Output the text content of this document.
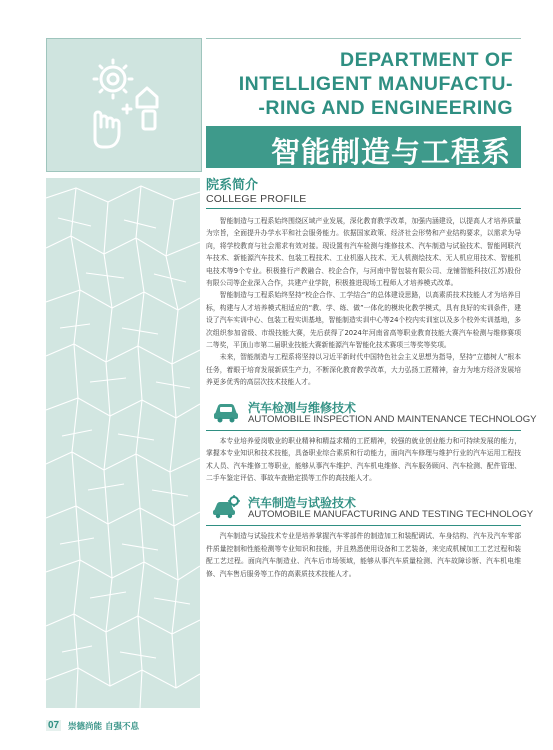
DEPARTMENT OF
INTELLIGENT MANUFACTU-
-RING AND ENGINEERING
智能制造与工程系
院系简介
COLLEGE PROFILE

智能制造与工程系始终围绕区域产业发展，深化教育教学改革，加强内涵建设，以提高人才培养质量为宗旨，全面提升办学水平和社会服务能力。依据国家政策、经济社会形势和产业结构要求，以需求为导向，将学校教育与社会需求有效对接。现设置有汽车检测与维修技术、汽车制造与试验技术、智能网联汽车技术、新能源汽车技术、包装工程技术、工业机器人技术、无人机测绘技术、无人机应用技术、智能机电技术等9个专业。积极推行产教融合、校企合作，与河南中智包装有限公司、龙铺智能科技(江苏)股份有限公司等企业深入合作，共建产业学院，积极推进现场工程师人才培养模式改革。

智能制造与工程系始终坚持“校企合作、工学结合”的总体建设思路，以高素质技术技能人才为培养目标，构建与人才培养模式相适应的“教、学、练、做”一体化的模块化教学模式，具有良好的实训条件，建设了汽车实训中心、包装工程实训基地，智能制造实训中心等24个校内实训室以及多个校外实训基地，多次组织参加省级、市级技能大赛，先后获得了2024年河南省高等职业教育技能大赛汽车检测与维修赛项二等奖，平顶山市第二届职业技能大赛新能源汽车智能化技术赛项三等奖等奖项。

未来，智能制造与工程系将坚持以习近平新时代中国特色社会主义思想为指导，坚持“立德树人”根本任务，着眼于培育发展新质生产力，不断深化教育教学改革，大力弘扬工匠精神，奋力为地方经济发展培养更多优秀的高层次技术技能人才。

汽车检测与维修技术
AUTOMOBILE INSPECTION AND MAINTENANCE TECHNOLOGY

本专业培养爱岗敬业的职业精神和精益求精的工匠精神，较强的就业创业能力和可持续发展的能力，掌握本专业知识和技术技能，具备职业综合素质和行动能力，面向汽车修理与维护行业的汽车运用工程技术人员、汽车维修工等职业，能够从事汽车维护、汽车机电维修、汽车服务顾问、汽车检测、配件管理、二手车鉴定评估、事故车查勘定损等工作的高技能人才。

汽车制造与试验技术
AUTOMOBILE MANUFACTURING AND TESTING TECHNOLOGY

汽车制造与试验技术专业是培养掌握汽车零部件的制造加工和装配调试、车身结构、汽车及汽车零部件质量控制和性能检测等专业知识和技能，并且熟悉使用设备和工艺装备，来完成机械加工工艺过程和装配工艺过程。面向汽车制造业、汽车后市场领域，能够从事汽车质量检测、汽车故障诊断、汽车机电维修、汽车售后服务等工作的高素质技术技能人才。

07 崇德尚能 自强不息
